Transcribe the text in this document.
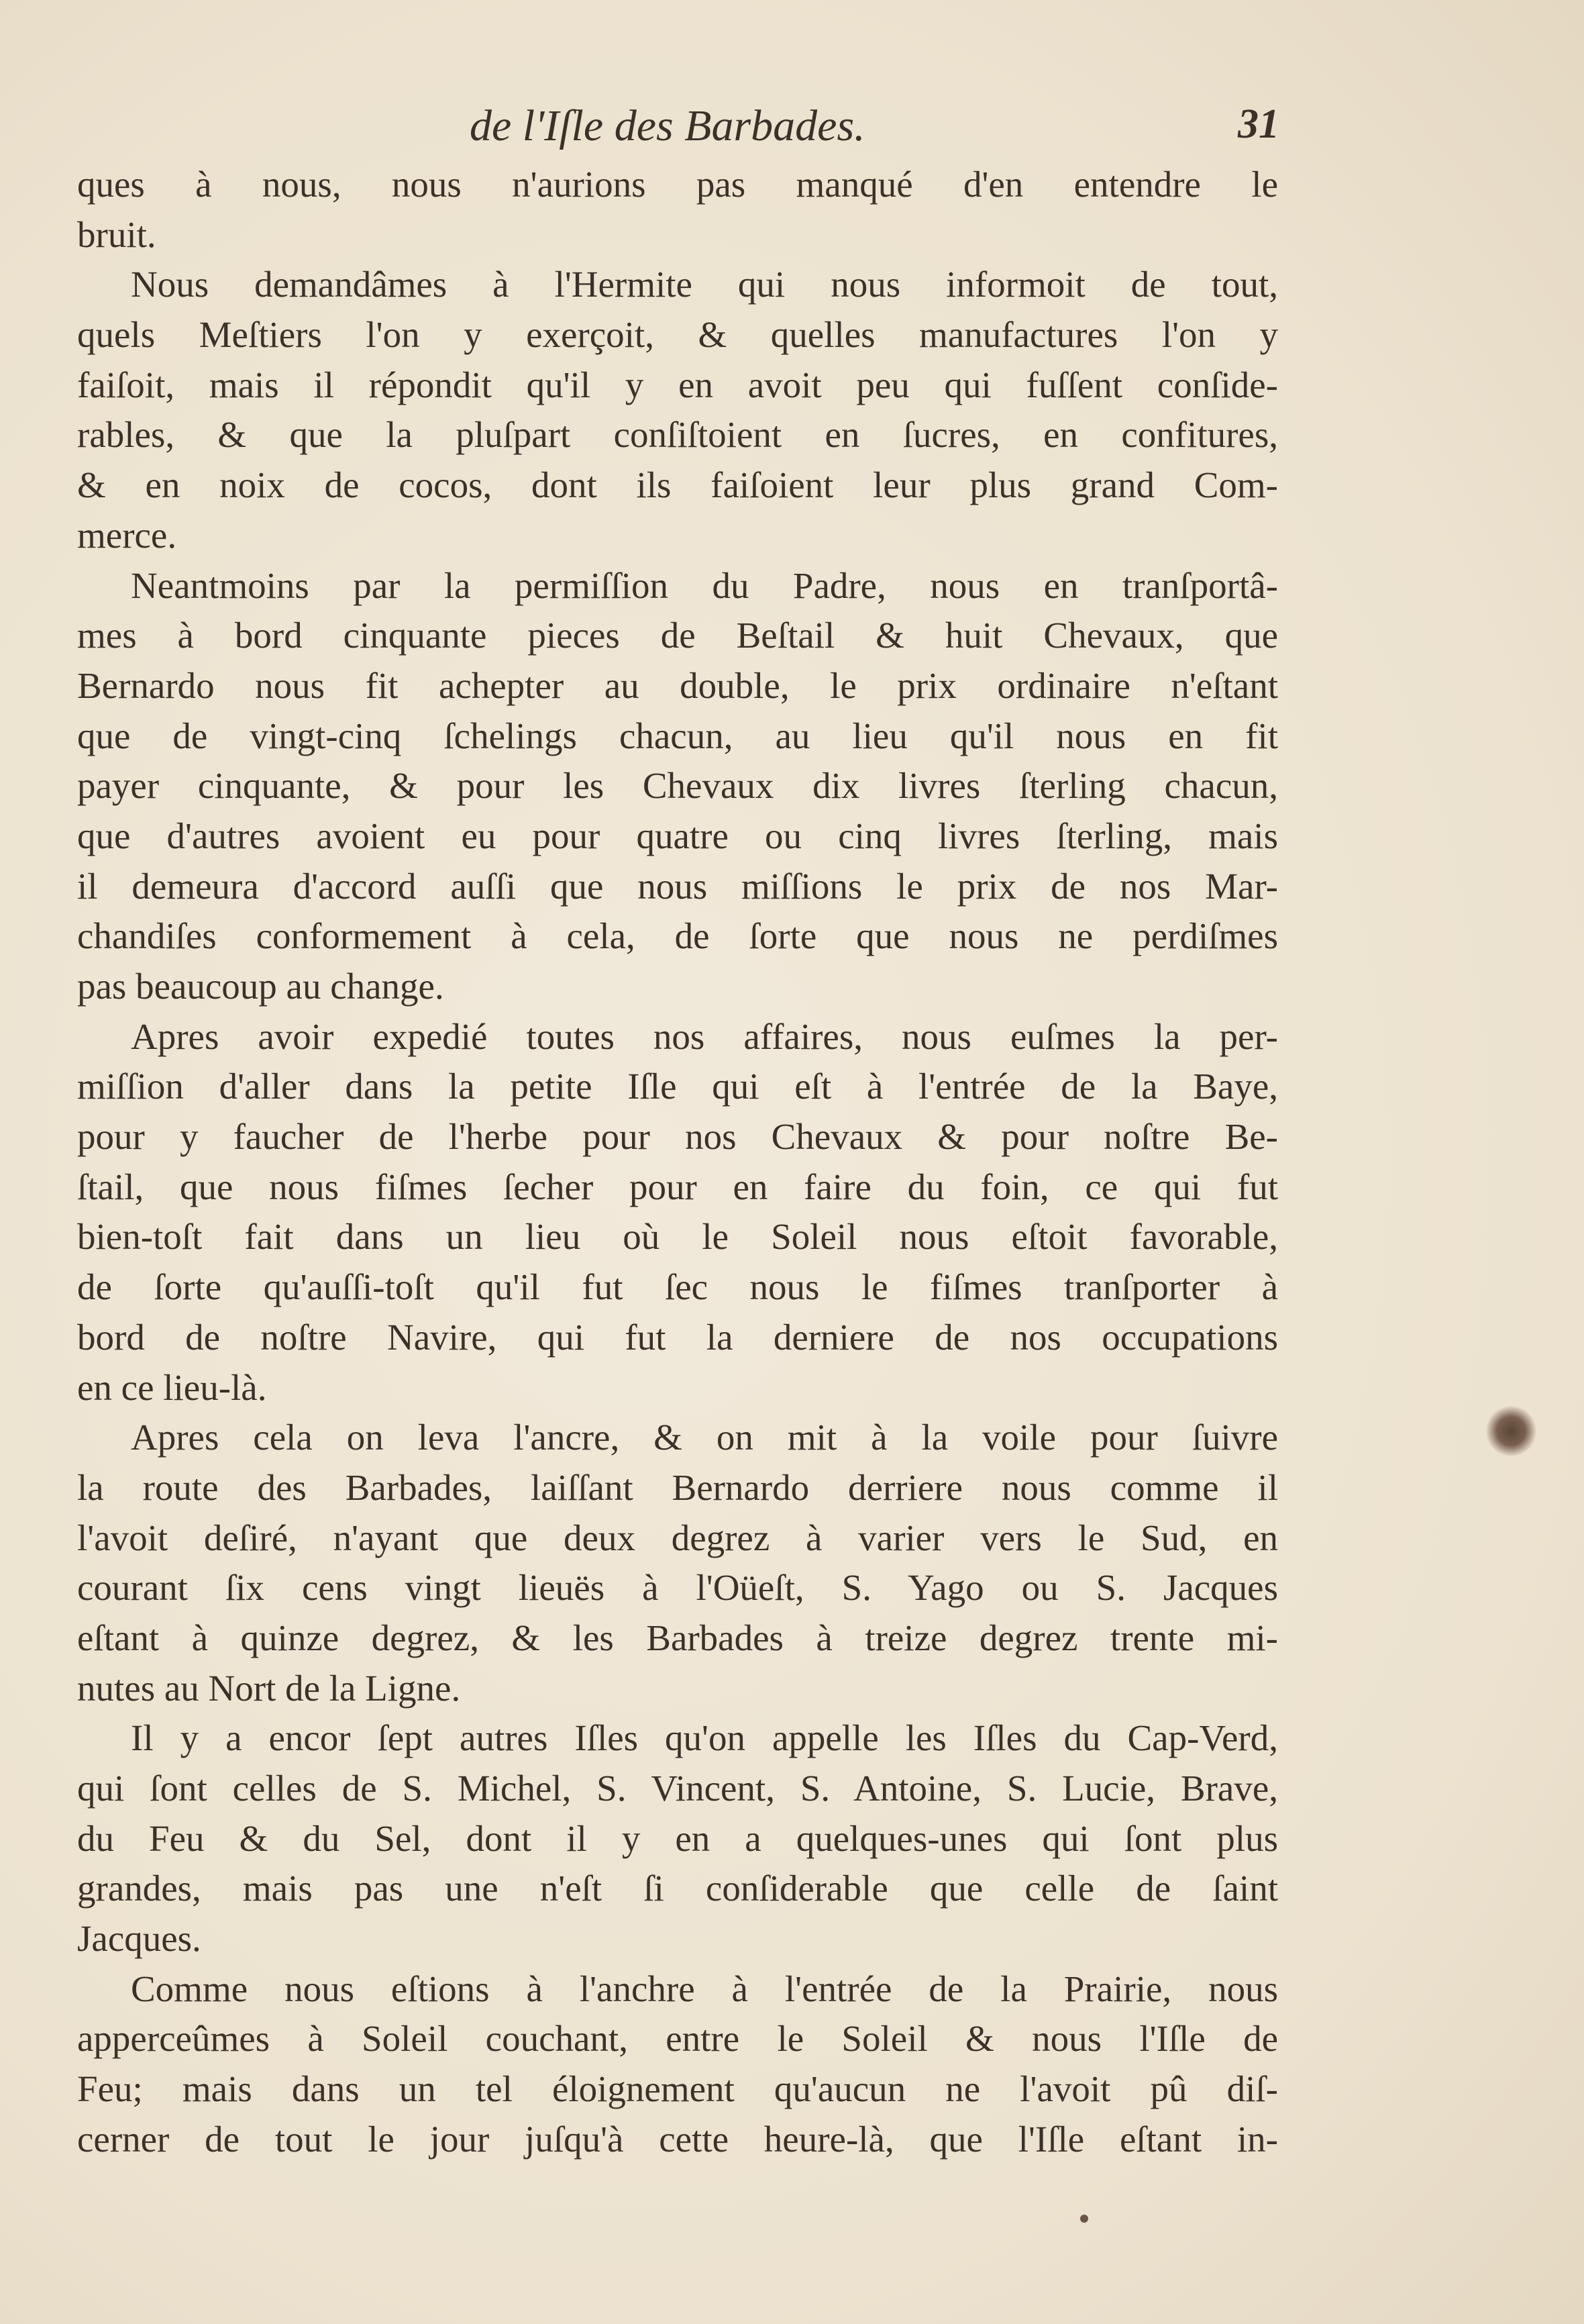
de l'Iſle des Barbades.	31
ques à nous, nous n'aurions pas manqué d'en entendre le
bruit.
Nous demandâmes à l'Hermite qui nous informoit de tout,
quels Meſtiers l'on y exerçoit, & quelles manufactures l'on y
faiſoit, mais il répondit qu'il y en avoit peu qui fuſſent conſide-
rables, & que la pluſpart conſiſtoient en ſucres, en confitures,
& en noix de cocos, dont ils faiſoient leur plus grand Com-
merce.
Neantmoins par la permiſſion du Padre, nous en tranſportâ-
mes à bord cinquante pieces de Beſtail & huit Chevaux, que
Bernardo nous fit achepter au double, le prix ordinaire n'eſtant
que de vingt-cinq ſchelings chacun, au lieu qu'il nous en fit
payer cinquante, & pour les Chevaux dix livres ſterling chacun,
que d'autres avoient eu pour quatre ou cinq livres ſterling, mais
il demeura d'accord auſſi que nous miſſions le prix de nos Mar-
chandiſes conformement à cela, de ſorte que nous ne perdiſmes
pas beaucoup au change.
Apres avoir expedié toutes nos affaires, nous euſmes la per-
miſſion d'aller dans la petite Iſle qui eſt à l'entrée de la Baye,
pour y faucher de l'herbe pour nos Chevaux & pour noſtre Be-
ſtail, que nous fiſmes ſecher pour en faire du foin, ce qui fut
bien-toſt fait dans un lieu où le Soleil nous eſtoit favorable,
de ſorte qu'auſſi-toſt qu'il fut ſec nous le fiſmes tranſporter à
bord de noſtre Navire, qui fut la derniere de nos occupations
en ce lieu-là.
Apres cela on leva l'ancre, & on mit à la voile pour ſuivre
la route des Barbades, laiſſant Bernardo derriere nous comme il
l'avoit deſiré, n'ayant que deux degrez à varier vers le Sud, en
courant ſix cens vingt lieuës à l'Oüeſt, S. Yago ou S. Jacques
eſtant à quinze degrez, & les Barbades à treize degrez trente mi-
nutes au Nort de la Ligne.
Il y a encor ſept autres Iſles qu'on appelle les Iſles du Cap-Verd,
qui ſont celles de S. Michel, S. Vincent, S. Antoine, S. Lucie, Brave,
du Feu & du Sel, dont il y en a quelques-unes qui ſont plus
grandes, mais pas une n'eſt ſi conſiderable que celle de ſaint
Jacques.
Comme nous eſtions à l'anchre à l'entrée de la Prairie, nous
apperceûmes à Soleil couchant, entre le Soleil & nous l'Iſle de
Feu; mais dans un tel éloignement qu'aucun ne l'avoit pû diſ-
cerner de tout le jour juſqu'à cette heure-là, que l'Iſle eſtant in-
